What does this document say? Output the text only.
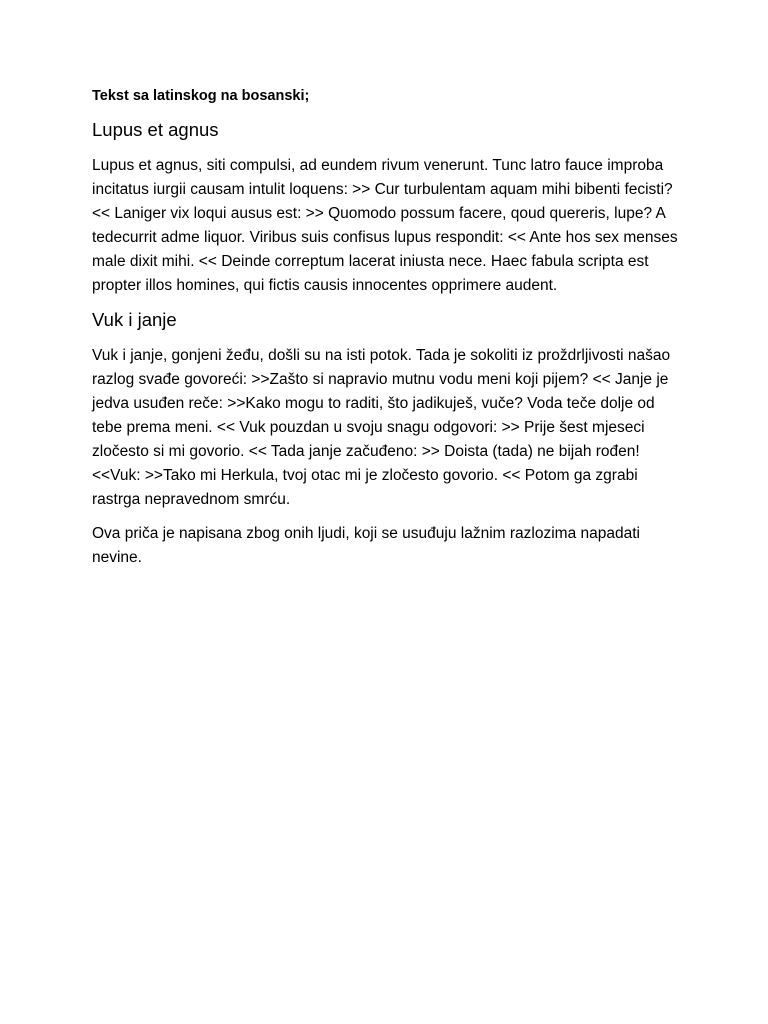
Tekst sa latinskog na bosanski;

Lupus et agnus

Lupus et agnus, siti compulsi, ad eundem rivum venerunt. Tunc latro fauce improba incitatus iurgii causam intulit loquens: >> Cur turbulentam aquam mihi bibenti fecisti? << Laniger vix loqui ausus est: >> Quomodo possum facere, qoud quereris, lupe? A tedecurrit adme liquor. Viribus suis confisus lupus respondit: << Ante hos sex menses male dixit mihi. << Deinde correptum lacerat iniusta nece. Haec fabula scripta est propter illos homines, qui fictis causis innocentes opprimere audent.

Vuk i janje

Vuk i janje, gonjeni žeđu, došli su na isti potok. Tada je sokoliti iz proždrljivosti našao razlog svađe govoreći: >>Zašto si napravio mutnu vodu meni koji pijem? << Janje je jedva usuđen reče: >>Kako mogu to raditi, što jadikuješ, vuče? Voda teče dolje od tebe prema meni. << Vuk pouzdan u svoju snagu odgovori: >> Prije šest mjeseci zločesto si mi govorio. << Tada janje začuđeno: >> Doista (tada) ne bijah rođen! <<Vuk: >>Tako mi Herkula, tvoj otac mi je zločesto govorio. << Potom ga zgrabi rastrga nepravednom smrću.

Ova priča je napisana zbog onih ljudi, koji se usuđuju lažnim razlozima napadati nevine.
